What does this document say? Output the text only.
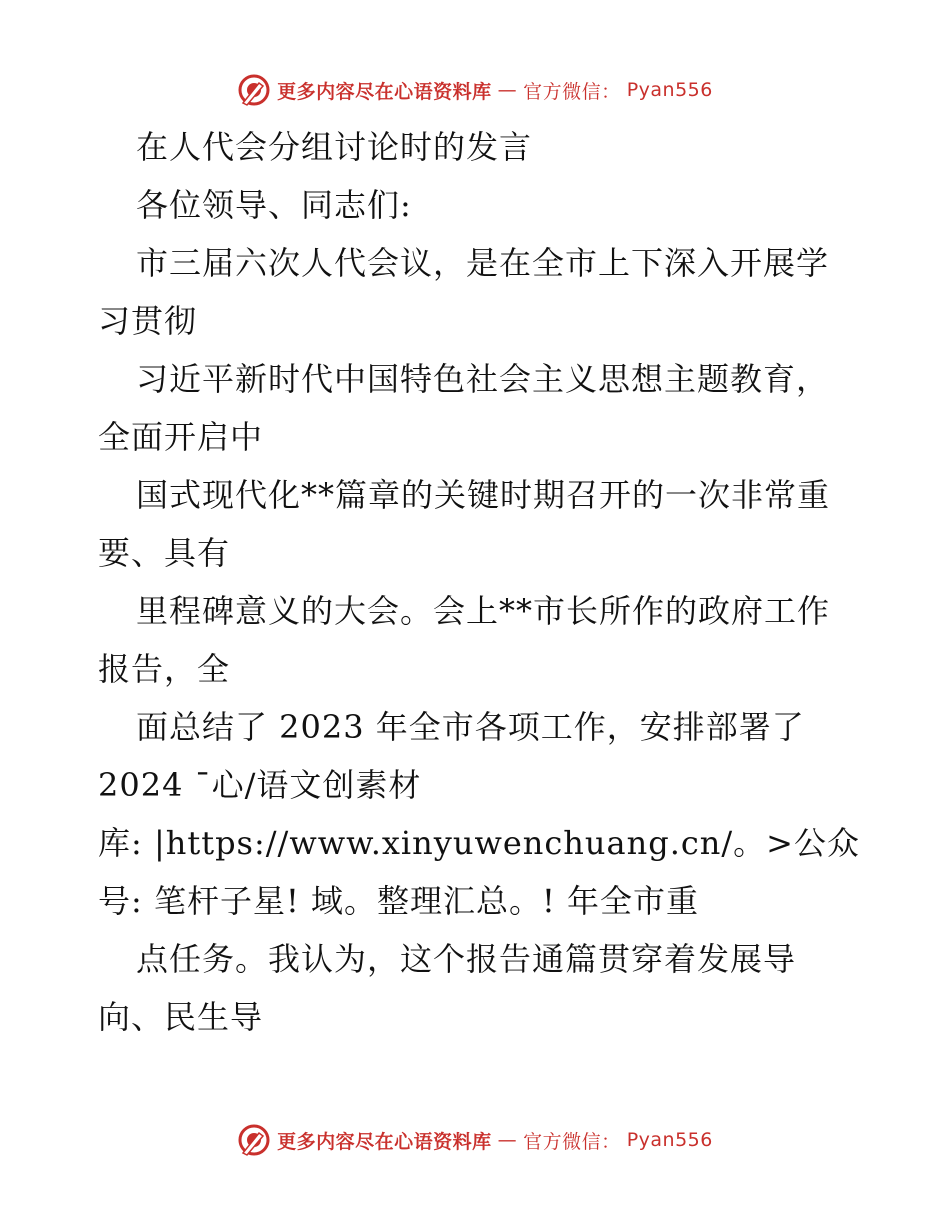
更多内容尽在心语资料库 — 官方微信： Pyan556
在人代会分组讨论时的发言
各位领导、同志们:
市三届六次人代会议，是在全市上下深入开展学
习贯彻
习近平新时代中国特色社会主义思想主题教育，
全面开启中
国式现代化**篇章的关键时期召开的一次非常重
要、具有
里程碑意义的大会。会上**市长所作的政府工作
报告，全
面总结了 2023 年全市各项工作，安排部署了
2024 ¯心/语文创素材
库: |https://www.xinyuwenchuang.cn/。>公众
号: 笔杆子星! 域。整理汇总。! 年全市重
点任务。我认为，这个报告通篇贯穿着发展导
向、民生导
更多内容尽在心语资料库 — 官方微信： Pyan556
